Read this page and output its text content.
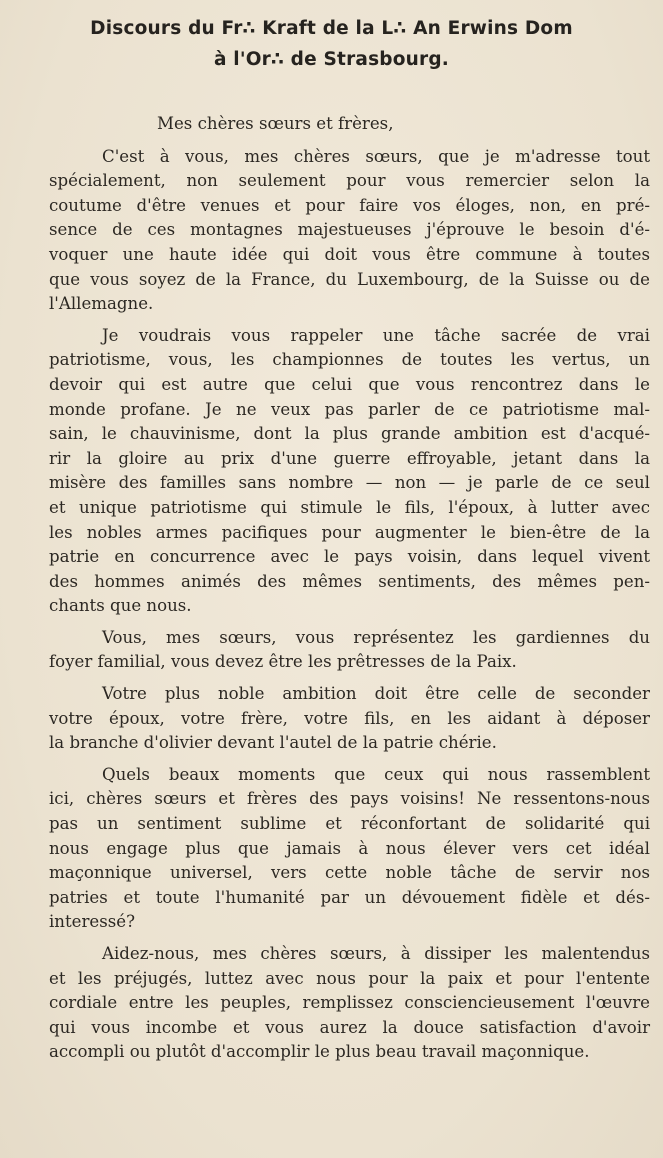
Discours du Fr∴ Kraft de la L∴ An Erwins Dom
à l'Or∴ de Strasbourg.

Mes chères sœurs et frères,

C'est à vous, mes chères sœurs, que je m'adresse tout
spécialement, non seulement pour vous remercier selon la
coutume d'être venues et pour faire vos éloges, non, en pré-
sence de ces montagnes majestueuses j'éprouve le besoin d'é-
voquer une haute idée qui doit vous être commune à toutes
que vous soyez de la France, du Luxembourg, de la Suisse ou de
l'Allemagne.

Je voudrais vous rappeler une tâche sacrée de vrai
patriotisme, vous, les championnes de toutes les vertus, un
devoir qui est autre que celui que vous rencontrez dans le
monde profane. Je ne veux pas parler de ce patriotisme mal-
sain, le chauvinisme, dont la plus grande ambition est d'acqué-
rir la gloire au prix d'une guerre effroyable, jetant dans la
misère des familles sans nombre — non — je parle de ce seul
et unique patriotisme qui stimule le fils, l'époux, à lutter avec
les nobles armes pacifiques pour augmenter le bien-être de la
patrie en concurrence avec le pays voisin, dans lequel vivent
des hommes animés des mêmes sentiments, des mêmes pen-
chants que nous.

Vous, mes sœurs, vous représentez les gardiennes du
foyer familial, vous devez être les prêtresses de la Paix.

Votre plus noble ambition doit être celle de seconder
votre époux, votre frère, votre fils, en les aidant à déposer
la branche d'olivier devant l'autel de la patrie chérie.

Quels beaux moments que ceux qui nous rassemblent
ici, chères sœurs et frères des pays voisins! Ne ressentons-nous
pas un sentiment sublime et réconfortant de solidarité qui
nous engage plus que jamais à nous élever vers cet idéal
maçonnique universel, vers cette noble tâche de servir nos
patries et toute l'humanité par un dévouement fidèle et dés-
interessé?

Aidez-nous, mes chères sœurs, à dissiper les malentendus
et les préjugés, luttez avec nous pour la paix et pour l'entente
cordiale entre les peuples, remplissez consciencieusement l'œuvre
qui vous incombe et vous aurez la douce satisfaction d'avoir
accompli ou plutôt d'accomplir le plus beau travail maçonnique.
